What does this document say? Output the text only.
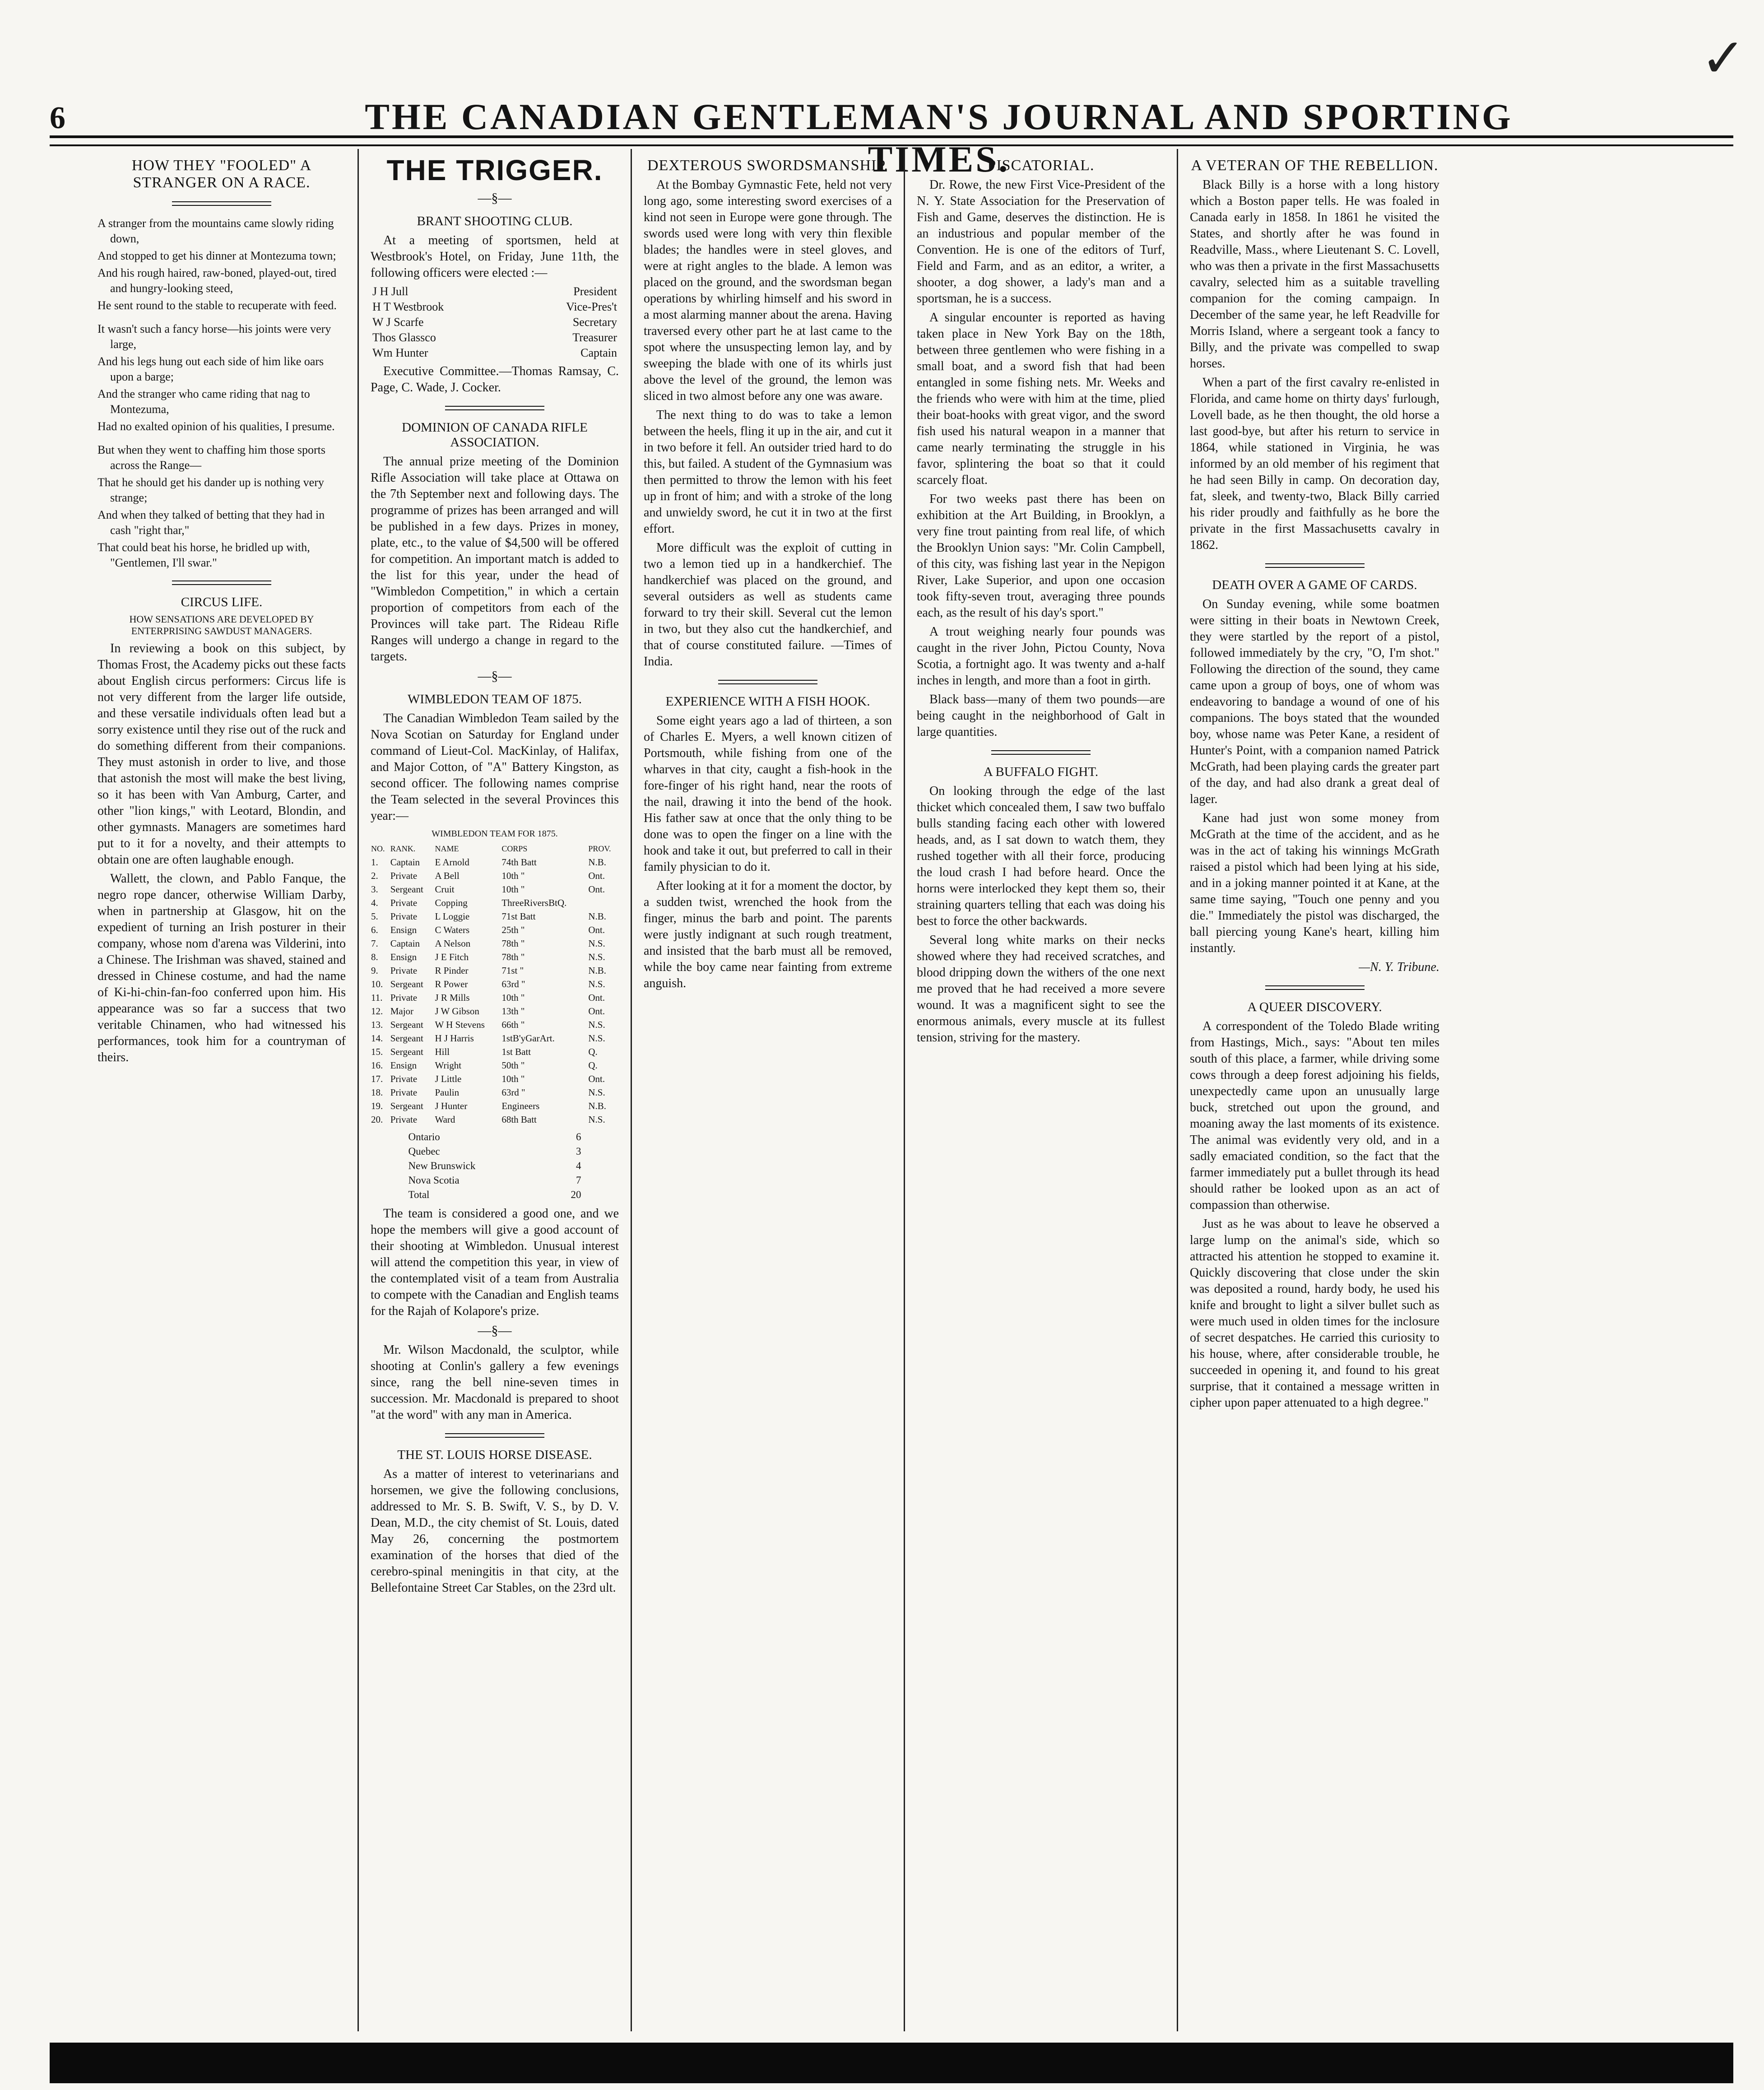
✓
6	THE CANADIAN GENTLEMAN'S JOURNAL AND SPORTING TIMES.
HOW THEY "FOOLED" A STRANGER ON A RACE.
A stranger from the mountains came slowly riding down,
And stopped to get his dinner at Montezuma town;
And his rough haired, raw-boned, played-out, tired and hungry-looking steed,
He sent round to the stable to recuperate with feed.
It wasn't such a fancy horse—his joints were very large,
And his legs hung out each side of him like oars upon a barge;
And the stranger who came riding that nag to Montezuma,
Had no exalted opinion of his qualities, I presume.
But when they went to chaffing him those sports across the Range—
That he should get his dander up is nothing very strange;
And when they talked of betting that they had in cash "right thar,"
That could beat his horse, he bridled up with, "Gentlemen, I'll swar."
CIRCUS LIFE.
HOW SENSATIONS ARE DEVELOPED BY ENTERPRISING SAWDUST MANAGERS.
In reviewing a book on this subject, by Thomas Frost, the Academy picks out these facts about English circus performers: Circus life is not very different from the larger life outside, and these versatile individuals often lead but a sorry existence until they rise out of the ruck and do something different from their companions. They must astonish in order to live, and those that astonish the most will make the best living, so it has been with Van Amburg, Carter, and other "lion kings," with Leotard, Blondin, and other gymnasts. Managers are sometimes hard put to it for a novelty, and their attempts to obtain one are often laughable enough.
Wallett, the clown, and Pablo Fanque, the negro rope dancer, otherwise William Darby, when in partnership at Glasgow, hit on the expedient of turning an Irish posturer in their company, whose nom d'arena was Vilderini, into a Chinese. The Irishman was shaved, stained and dressed in Chinese costume, and had the name of Ki-hi-chin-fan-foo conferred upon him. His appearance was so far a success that two veritable Chinamen, who had witnessed his performances, took him for a countryman of theirs.
THE TRIGGER.
—§—
BRANT SHOOTING CLUB.
At a meeting of sportsmen, held at Westbrook's Hotel, on Friday, June 11th, the following officers were elected :—
J H Jull	President
H T Westbrook	Vice-Pres't
W J Scarfe	Secretary
Thos Glassco	Treasurer
Wm Hunter	Captain
Executive Committee.—Thomas Ramsay, C. Page, C. Wade, J. Cocker.
DOMINION OF CANADA RIFLE ASSOCIATION.
The annual prize meeting of the Dominion Rifle Association will take place at Ottawa on the 7th September next and following days. The programme of prizes has been arranged and will be published in a few days. Prizes in money, plate, etc., to the value of $4,500 will be offered for competition. An important match is added to the list for this year, under the head of "Wimbledon Competition," in which a certain proportion of competitors from each of the Provinces will take part. The Rideau Rifle Ranges will undergo a change in regard to the targets.
—§—
WIMBLEDON TEAM OF 1875.
The Canadian Wimbledon Team sailed by the Nova Scotian on Saturday for England under command of Lieut-Col. MacKinlay, of Halifax, and Major Cotton, of "A" Battery Kingston, as second officer. The following names comprise the Team selected in the several Provinces this year:—
WIMBLEDON TEAM FOR 1875.
NO.	RANK.	NAME	CORPS	PROV.
1.	Captain	E Arnold	74th Batt	N.B.
2.	Private	A Bell	10th "	Ont.
3.	Sergeant	Cruit	10th "	Ont.
4.	Private	Copping	ThreeRiversBtQ.	
5.	Private	L Loggie	71st Batt	N.B.
6.	Ensign	C Waters	25th "	Ont.
7.	Captain	A Nelson	78th "	N.S.
8.	Ensign	J E Fitch	78th "	N.S.
9.	Private	R Pinder	71st "	N.B.
10.	Sergeant	R Power	63rd "	N.S.
11.	Private	J R Mills	10th "	Ont.
12.	Major	J W Gibson	13th "	Ont.
13.	Sergeant	W H Stevens	66th "	N.S.
14.	Sergeant	H J Harris	1stB'yGarArt.	N.S.
15.	Sergeant	Hill	1st Batt	Q.
16.	Ensign	Wright	50th "	Q.
17.	Private	J Little	10th "	Ont.
18.	Private	Paulin	63rd "	N.S.
19.	Sergeant	J Hunter	Engineers	N.B.
20.	Private	Ward	68th Batt	N.S.
Ontario	6
Quebec	3
New Brunswick	4
Nova Scotia	7
Total	20
The team is considered a good one, and we hope the members will give a good account of their shooting at Wimbledon. Unusual interest will attend the competition this year, in view of the contemplated visit of a team from Australia to compete with the Canadian and English teams for the Rajah of Kolapore's prize.
—§—
Mr. Wilson Macdonald, the sculptor, while shooting at Conlin's gallery a few evenings since, rang the bell nine-seven times in succession. Mr. Macdonald is prepared to shoot "at the word" with any man in America.
THE ST. LOUIS HORSE DISEASE.
As a matter of interest to veterinarians and horsemen, we give the following conclusions, addressed to Mr. S. B. Swift, V. S., by D. V. Dean, M.D., the city chemist of St. Louis, dated May 26, concerning the postmortem examination of the horses that died of the cerebro-spinal meningitis in that city, at the Bellefontaine Street Car Stables, on the 23rd ult.
DEXTEROUS SWORDSMANSHIP.
At the Bombay Gymnastic Fete, held not very long ago, some interesting sword exercises of a kind not seen in Europe were gone through. The swords used were long with very thin flexible blades; the handles were in steel gloves, and were at right angles to the blade. A lemon was placed on the ground, and the swordsman began operations by whirling himself and his sword in a most alarming manner about the arena. Having traversed every other part he at last came to the spot where the unsuspecting lemon lay, and by sweeping the blade with one of its whirls just above the level of the ground, the lemon was sliced in two almost before any one was aware.
The next thing to do was to take a lemon between the heels, fling it up in the air, and cut it in two before it fell. An outsider tried hard to do this, but failed. A student of the Gymnasium was then permitted to throw the lemon with his feet up in front of him; and with a stroke of the long and unwieldy sword, he cut it in two at the first effort.
More difficult was the exploit of cutting in two a lemon tied up in a handkerchief. The handkerchief was placed on the ground, and several outsiders as well as students came forward to try their skill. Several cut the lemon in two, but they also cut the handkerchief, and that of course constituted failure. —Times of India.
EXPERIENCE WITH A FISH HOOK.
Some eight years ago a lad of thirteen, a son of Charles E. Myers, a well known citizen of Portsmouth, while fishing from one of the wharves in that city, caught a fish-hook in the fore-finger of his right hand, near the roots of the nail, drawing it into the bend of the hook. His father saw at once that the only thing to be done was to open the finger on a line with the hook and take it out, but preferred to call in their family physician to do it.
After looking at it for a moment the doctor, by a sudden twist, wrenched the hook from the finger, minus the barb and point. The parents were justly indignant at such rough treatment, and insisted that the barb must all be removed, while the boy came near fainting from extreme anguish.
PISCATORIAL.
Dr. Rowe, the new First Vice-President of the N. Y. State Association for the Preservation of Fish and Game, deserves the distinction. He is an industrious and popular member of the Convention. He is one of the editors of Turf, Field and Farm, and as an editor, a writer, a shooter, a dog shower, a lady's man and a sportsman, he is a success.
A singular encounter is reported as having taken place in New York Bay on the 18th, between three gentlemen who were fishing in a small boat, and a sword fish that had been entangled in some fishing nets. Mr. Weeks and the friends who were with him at the time, plied their boat-hooks with great vigor, and the sword fish used his natural weapon in a manner that came nearly terminating the struggle in his favor, splintering the boat so that it could scarcely float.
For two weeks past there has been on exhibition at the Art Building, in Brooklyn, a very fine trout painting from real life, of which the Brooklyn Union says: "Mr. Colin Campbell, of this city, was fishing last year in the Nepigon River, Lake Superior, and upon one occasion took fifty-seven trout, averaging three pounds each, as the result of his day's sport."
A trout weighing nearly four pounds was caught in the river John, Pictou County, Nova Scotia, a fortnight ago. It was twenty and a-half inches in length, and more than a foot in girth.
Black bass—many of them two pounds—are being caught in the neighborhood of Galt in large quantities.
A BUFFALO FIGHT.
On looking through the edge of the last thicket which concealed them, I saw two buffalo bulls standing facing each other with lowered heads, and, as I sat down to watch them, they rushed together with all their force, producing the loud crash I had before heard. Once the horns were interlocked they kept them so, their straining quarters telling that each was doing his best to force the other backwards.
Several long white marks on their necks showed where they had received scratches, and blood dripping down the withers of the one next me proved that he had received a more severe wound. It was a magnificent sight to see the enormous animals, every muscle at its fullest tension, striving for the mastery.
A VETERAN OF THE REBELLION.
Black Billy is a horse with a long history which a Boston paper tells. He was foaled in Canada early in 1858. In 1861 he visited the States, and shortly after he was found in Readville, Mass., where Lieutenant S. C. Lovell, who was then a private in the first Massachusetts cavalry, selected him as a suitable travelling companion for the coming campaign. In December of the same year, he left Readville for Morris Island, where a sergeant took a fancy to Billy, and the private was compelled to swap horses.
When a part of the first cavalry re-enlisted in Florida, and came home on thirty days' furlough, Lovell bade, as he then thought, the old horse a last good-bye, but after his return to service in 1864, while stationed in Virginia, he was informed by an old member of his regiment that he had seen Billy in camp. On decoration day, fat, sleek, and twenty-two, Black Billy carried his rider proudly and faithfully as he bore the private in the first Massachusetts cavalry in 1862.
DEATH OVER A GAME OF CARDS.
On Sunday evening, while some boatmen were sitting in their boats in Newtown Creek, they were startled by the report of a pistol, followed immediately by the cry, "O, I'm shot." Following the direction of the sound, they came came upon a group of boys, one of whom was endeavoring to bandage a wound of one of his companions. The boys stated that the wounded boy, whose name was Peter Kane, a resident of Hunter's Point, with a companion named Patrick McGrath, had been playing cards the greater part of the day, and had also drank a great deal of lager.
Kane had just won some money from McGrath at the time of the accident, and as he was in the act of taking his winnings McGrath raised a pistol which had been lying at his side, and in a joking manner pointed it at Kane, at the same time saying, "Touch one penny and you die." Immediately the pistol was discharged, the ball piercing young Kane's heart, killing him instantly.
—N. Y. Tribune.
A QUEER DISCOVERY.
A correspondent of the Toledo Blade writing from Hastings, Mich., says: "About ten miles south of this place, a farmer, while driving some cows through a deep forest adjoining his fields, unexpectedly came upon an unusually large buck, stretched out upon the ground, and moaning away the last moments of its existence. The animal was evidently very old, and in a sadly emaciated condition, so the fact that the farmer immediately put a bullet through its head should rather be looked upon as an act of compassion than otherwise.
Just as he was about to leave he observed a large lump on the animal's side, which so attracted his attention he stopped to examine it. Quickly discovering that close under the skin was deposited a round, hardy body, he used his knife and brought to light a silver bullet such as were much used in olden times for the inclosure of secret despatches. He carried this curiosity to his house, where, after considerable trouble, he succeeded in opening it, and found to his great surprise, that it contained a message written in cipher upon paper attenuated to a high degree."
